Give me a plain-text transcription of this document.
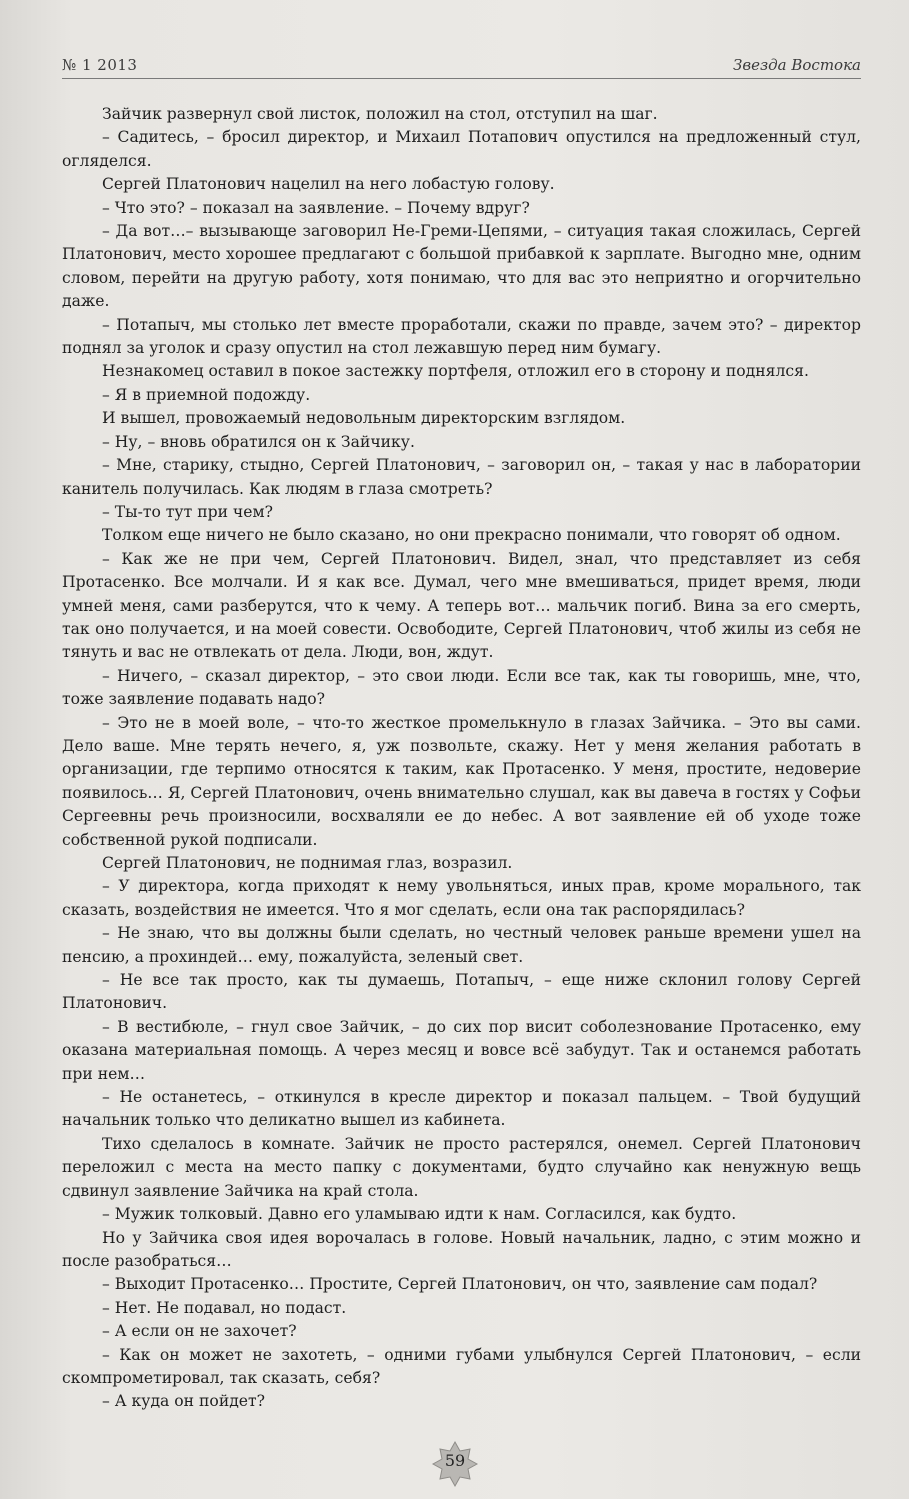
№ 1 2013	Звезда Востока

Зайчик развернул свой листок, положил на стол, отступил на шаг.

– Садитесь, – бросил директор, и Михаил Потапович опустился на предложенный стул, огляделся.

Сергей Платонович нацелил на него лобастую голову.

– Что это? – показал на заявление. – Почему вдруг?

– Да вот…– вызывающе заговорил Не-Греми-Цепями, – ситуация такая сложилась, Сергей Платонович, место хорошее предлагают с большой прибавкой к зарплате. Выгодно мне, одним словом, перейти на другую работу, хотя понимаю, что для вас это неприятно и огорчительно даже.

– Потапыч, мы столько лет вместе проработали, скажи по правде, зачем это? – директор поднял за уголок и сразу опустил на стол лежавшую перед ним бумагу.

Незнакомец оставил в покое застежку портфеля, отложил его в сторону и поднялся.

– Я в приемной подожду.

И вышел, провожаемый недовольным директорским взглядом.

– Ну, – вновь обратился он к Зайчику.

– Мне, старику, стыдно, Сергей Платонович, – заговорил он, – такая у нас в лаборатории канитель получилась. Как людям в глаза смотреть?

– Ты-то тут при чем?

Толком еще ничего не было сказано, но они прекрасно понимали, что говорят об одном.

– Как же не при чем, Сергей Платонович. Видел, знал, что представляет из себя Протасенко. Все молчали. И я как все. Думал, чего мне вмешиваться, придет время, люди умней меня, сами разберутся, что к чему. А теперь вот… мальчик погиб. Вина за его смерть, так оно получается, и на моей совести. Освободите, Сергей Платонович, чтоб жилы из себя не тянуть и вас не отвлекать от дела. Люди, вон, ждут.

– Ничего, – сказал директор, – это свои люди. Если все так, как ты говоришь, мне, что, тоже заявление подавать надо?

– Это не в моей воле, – что-то жесткое промелькнуло в глазах Зайчика. – Это вы сами. Дело ваше. Мне терять нечего, я, уж позвольте, скажу. Нет у меня желания работать в организации, где терпимо относятся к таким, как Протасенко. У меня, простите, недоверие появилось… Я, Сергей Платонович, очень внимательно слушал, как вы давеча в гостях у Софьи Сергеевны речь произносили, восхваляли ее до небес. А вот заявление ей об уходе тоже собственной рукой подписали.

Сергей Платонович, не поднимая глаз, возразил.

– У директора, когда приходят к нему увольняться, иных прав, кроме морального, так сказать, воздействия не имеется. Что я мог сделать, если она так распорядилась?

– Не знаю, что вы должны были сделать, но честный человек раньше времени ушел на пенсию, а прохиндей… ему, пожалуйста, зеленый свет.

– Не все так просто, как ты думаешь, Потапыч, – еще ниже склонил голову Сергей Платонович.

– В вестибюле, – гнул свое Зайчик, – до сих пор висит соболезнование Протасенко, ему оказана материальная помощь. А через месяц и вовсе всё забудут. Так и останемся работать при нем…

– Не останетесь, – откинулся в кресле директор и показал пальцем. – Твой будущий начальник только что деликатно вышел из кабинета.

Тихо сделалось в комнате. Зайчик не просто растерялся, онемел. Сергей Платонович переложил с места на место папку с документами, будто случайно как ненужную вещь сдвинул заявление Зайчика на край стола.

– Мужик толковый. Давно его уламываю идти к нам. Согласился, как будто.

Но у Зайчика своя идея ворочалась в голове. Новый начальник, ладно, с этим можно и после разобраться…

– Выходит Протасенко… Простите, Сергей Платонович, он что, заявление сам подал?

– Нет. Не подавал, но подаст.

– А если он не захочет?

– Как он может не захотеть, – одними губами улыбнулся Сергей Платонович, – если скомпрометировал, так сказать, себя?

– А куда он пойдет?

59
